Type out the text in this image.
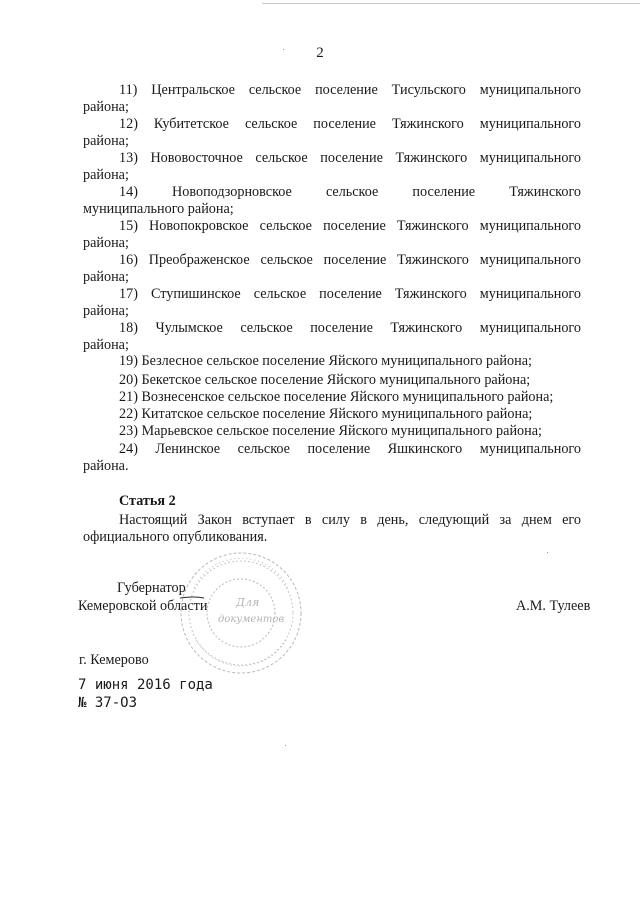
2
11) Центральское сельское поселение Тисульского муниципального
района;
12) Кубитетское сельское поселение Тяжинского муниципального
района;
13) Нововосточное сельское поселение Тяжинского муниципального
района;
14) Новоподзорновское сельское поселение Тяжинского
муниципального района;
15) Новопокровское сельское поселение Тяжинского муниципального
района;
16) Преображенское сельское поселение Тяжинского муниципального
района;
17) Ступишинское сельское поселение Тяжинского муниципального
района;
18) Чулымское сельское поселение Тяжинского муниципального
района;
19) Безлесное сельское поселение Яйского муниципального района;
20) Бекетское сельское поселение Яйского муниципального района;
21) Вознесенское сельское поселение Яйского муниципального района;
22) Китатское сельское поселение Яйского муниципального района;
23) Марьевское сельское поселение Яйского муниципального района;
24) Ленинское сельское поселение Яшкинского муниципального
района.
Статья 2
Настоящий Закон вступает в силу в день, следующий за днем его
официального опубликования.
Губернатор
Кемеровской области	А.М. Тулеев
Для
документов
г. Кемерово
7 июня 2016 года
№ 37-ОЗ
